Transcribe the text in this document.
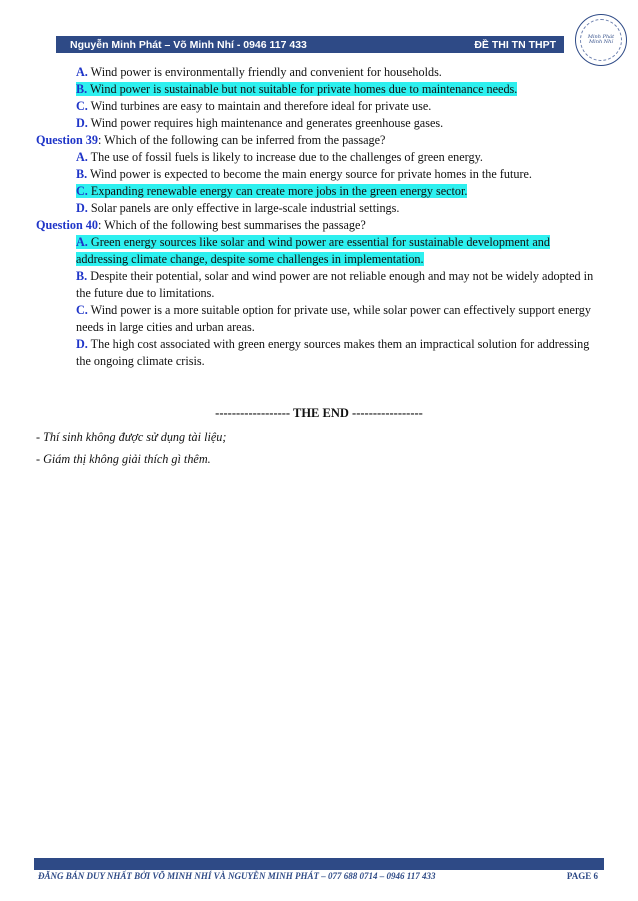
Nguyễn Minh Phát – Võ Minh Nhí - 0946 117 433	ĐỀ THI TN THPT
Minh Phát Minh Nhí
A. Wind power is environmentally friendly and convenient for households.
B. Wind power is sustainable but not suitable for private homes due to maintenance needs.
C. Wind turbines are easy to maintain and therefore ideal for private use.
D. Wind power requires high maintenance and generates greenhouse gases.
Question 39: Which of the following can be inferred from the passage?
A. The use of fossil fuels is likely to increase due to the challenges of green energy.
B. Wind power is expected to become the main energy source for private homes in the future.
C. Expanding renewable energy can create more jobs in the green energy sector.
D. Solar panels are only effective in large-scale industrial settings.
Question 40: Which of the following best summarises the passage?
A. Green energy sources like solar and wind power are essential for sustainable development and addressing climate change, despite some challenges in implementation.
B. Despite their potential, solar and wind power are not reliable enough and may not be widely adopted in the future due to limitations.
C. Wind power is a more suitable option for private use, while solar power can effectively support energy needs in large cities and urban areas.
D. The high cost associated with green energy sources makes them an impractical solution for addressing the ongoing climate crisis.
------------------ THE END -----------------
- Thí sinh không được sử dụng tài liệu;
- Giám thị không giải thích gì thêm.
ĐĂNG BÁN DUY NHẤT BỞI VÕ MINH NHÍ VÀ NGUYỄN MINH PHÁT – 077 688 0714 – 0946 117 433	PAGE 6
